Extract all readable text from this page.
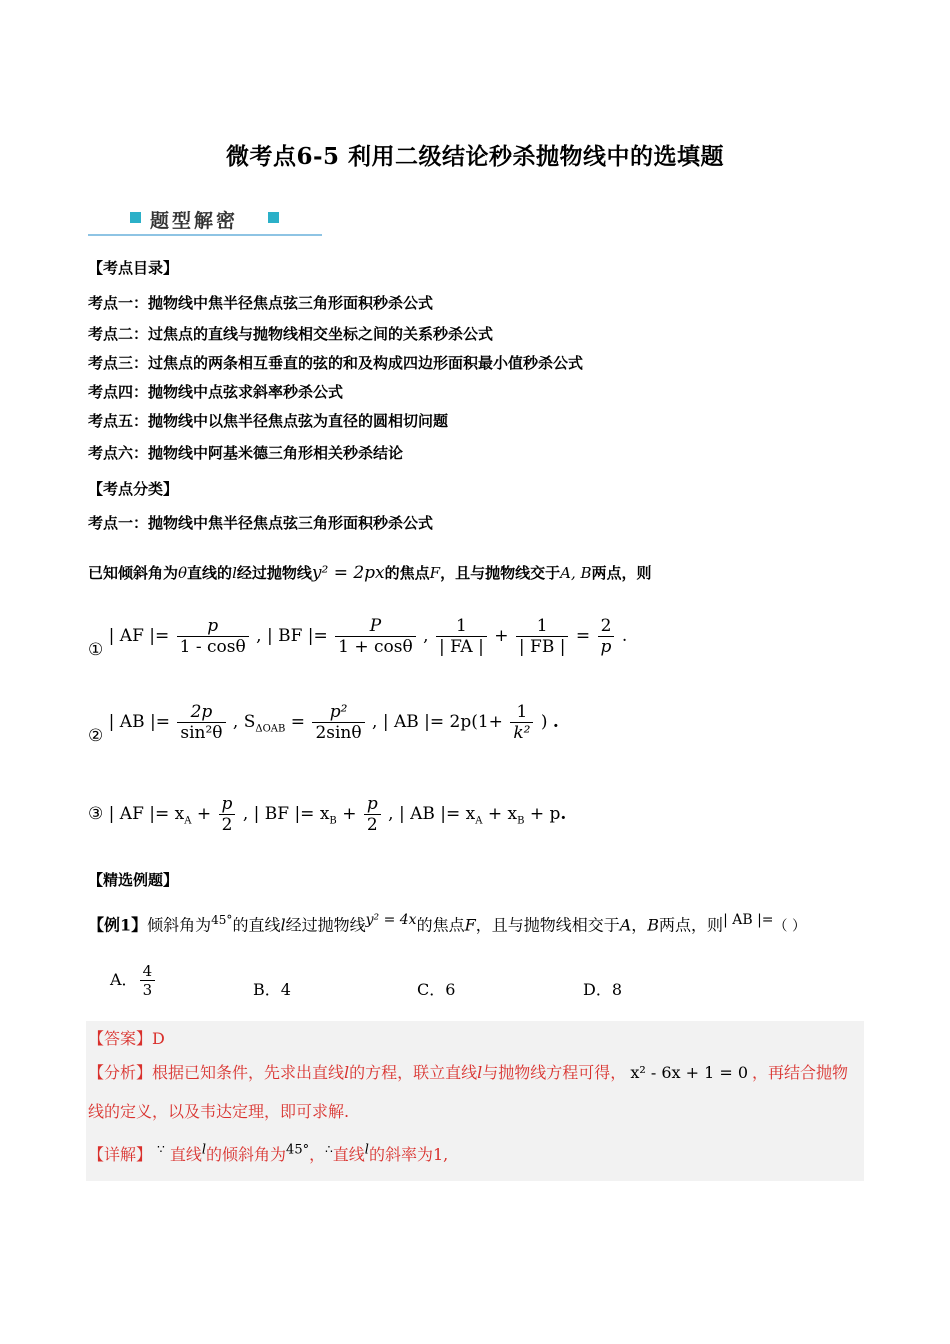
微考点6-5 利用二级结论秒杀抛物线中的选填题
题型解密
【考点目录】
考点一：抛物线中焦半径焦点弦三角形面积秒杀公式
考点二：过焦点的直线与抛物线相交坐标之间的关系秒杀公式
考点三：过焦点的两条相互垂直的弦的和及构成四边形面积最小值秒杀公式
考点四：抛物线中点弦求斜率秒杀公式
考点五：抛物线中以焦半径焦点弦为直径的圆相切问题
考点六：抛物线中阿基米德三角形相关秒杀结论
【考点分类】
考点一：抛物线中焦半径焦点弦三角形面积秒杀公式
已知倾斜角为θ直线的l经过抛物线y² = 2px的焦点F，且与抛物线交于A, B两点，则
① | AF |= $\frac{p}{1 - \cos\theta}$ , | BF |= $\frac{P}{1 + \cos\theta}$ , $\frac{1}{| FA |} + \frac{1}{| FB |} = \frac{2}{p}$ .
② | AB |= $\frac{2p}{\text{sin²θ}}$ , $S_{\Delta OAB} = \frac{\text{p²}}{2\sin\theta}$ , | AB |= $2p(1+ \frac{1}{\text{k²}}$ ) .
③ | AF |= $x_A + \frac{p}{2}$ , | BF |= $x_B + \frac{p}{2}$ , | AB |= $x_A + x_B + p$.
【精选例题】
【例1】倾斜角为$^{45^\circ}$的直线l经过抛物线$^{y^2 = 4x}$的焦点F，且与抛物线相交于A，B两点，则$^{| AB |=}$（ ）
A． $\frac{4}{3}$	B．4	C．6	D．8
【答案】D
【分析】根据已知条件，先求出直线l的方程，联立直线l与抛物线方程可得， x² - 6x + 1 = 0 ，再结合抛物
线的定义，以及韦达定理，即可求解.
【详解】 ∵ 直线$^l$的倾斜角为$^{45^\circ}$，∴直线$^l$的斜率为1,
